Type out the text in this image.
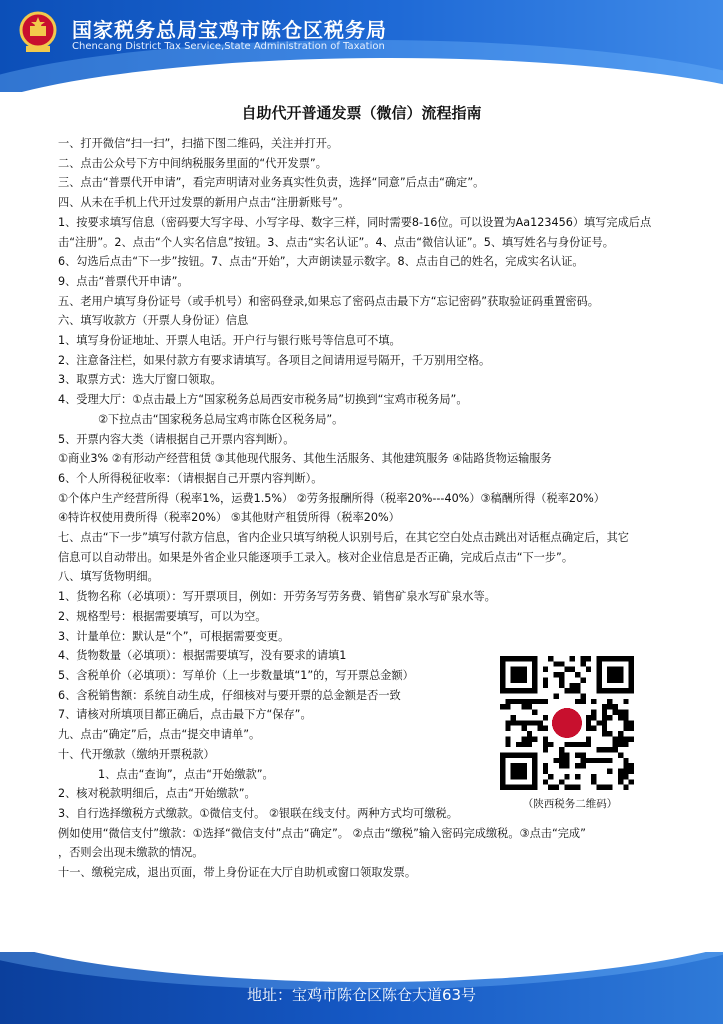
国家税务总局宝鸡市陈仓区税务局
Chencang District Tax Service,State Administration of Taxation
自助代开普通发票（微信）流程指南
一、打开微信“扫一扫”，扫描下图二维码，关注并打开。
二、点击公众号下方中间纳税服务里面的“代开发票”。
三、点击“普票代开申请”，看完声明请对业务真实性负责，选择“同意”后点击“确定”。
四、从未在手机上代开过发票的新用户点击“注册新账号”。
1、按要求填写信息（密码要大写字母、小写字母、数字三样，同时需要8-16位。可以设置为Aa123456）填写完成后点
击“注册”。2、点击“个人实名信息”按钮。3、点击“实名认证”。4、点击“微信认证”。5、填写姓名与身份证号。
6、勾选后点击“下一步”按钮。7、点击“开始”，大声朗读显示数字。8、点击自己的姓名，完成实名认证。
9、点击“普票代开申请”。
五、老用户填写身份证号（或手机号）和密码登录,如果忘了密码点击最下方“忘记密码”获取验证码重置密码。
六、填写收款方（开票人身份证）信息
1、填写身份证地址、开票人电话。开户行与银行账号等信息可不填。
2、注意备注栏，如果付款方有要求请填写。各项目之间请用逗号隔开，千万别用空格。
3、取票方式：选大厅窗口领取。
4、受理大厅：①点击最上方“国家税务总局西安市税务局”切换到“宝鸡市税务局”。
②下拉点击“国家税务总局宝鸡市陈仓区税务局”。
5、开票内容大类（请根据自己开票内容判断）。
①商业3% ②有形动产经营租赁 ③其他现代服务、其他生活服务、其他建筑服务 ④陆路货物运输服务
6、个人所得税征收率：（请根据自己开票内容判断）。
①个体户生产经营所得（税率1%，运费1.5%） ②劳务报酬所得（税率20%---40%）③稿酬所得（税率20%）
④特许权使用费所得（税率20%） ⑤其他财产租赁所得（税率20%）
七、点击“下一步”填写付款方信息，省内企业只填写纳税人识别号后，在其它空白处点击跳出对话框点确定后，其它
信息可以自动带出。如果是外省企业只能逐项手工录入。核对企业信息是否正确，完成后点击“下一步”。
八、填写货物明细。
1、货物名称（必填项）：写开票项目，例如：开劳务写劳务费、销售矿泉水写矿泉水等。
2、规格型号：根据需要填写，可以为空。
3、计量单位：默认是“个”，可根据需要变更。
4、货物数量（必填项）：根据需要填写，没有要求的请填1
5、含税单价（必填项）：写单价（上一步数量填“1”的，写开票总金额）
6、含税销售额：系统自动生成，仔细核对与要开票的总金额是否一致
7、请核对所填项目都正确后，点击最下方“保存”。
九、点击“确定”后，点击“提交申请单”。
十、代开缴款（缴纳开票税款）
1、点击“查询”，点击“开始缴款”。
2、核对税款明细后，点击“开始缴款”。
3、自行选择缴税方式缴款。①微信支付。 ②银联在线支付。两种方式均可缴税。
例如使用“微信支付”缴款：①选择“微信支付”点击“确定”。 ②点击“缴税”输入密码完成缴税。③点击“完成”
，否则会出现未缴款的情况。
十一、缴税完成，退出页面，带上身份证在大厅自助机或窗口领取发票。
（陕西税务二维码）
地址：宝鸡市陈仓区陈仓大道63号
